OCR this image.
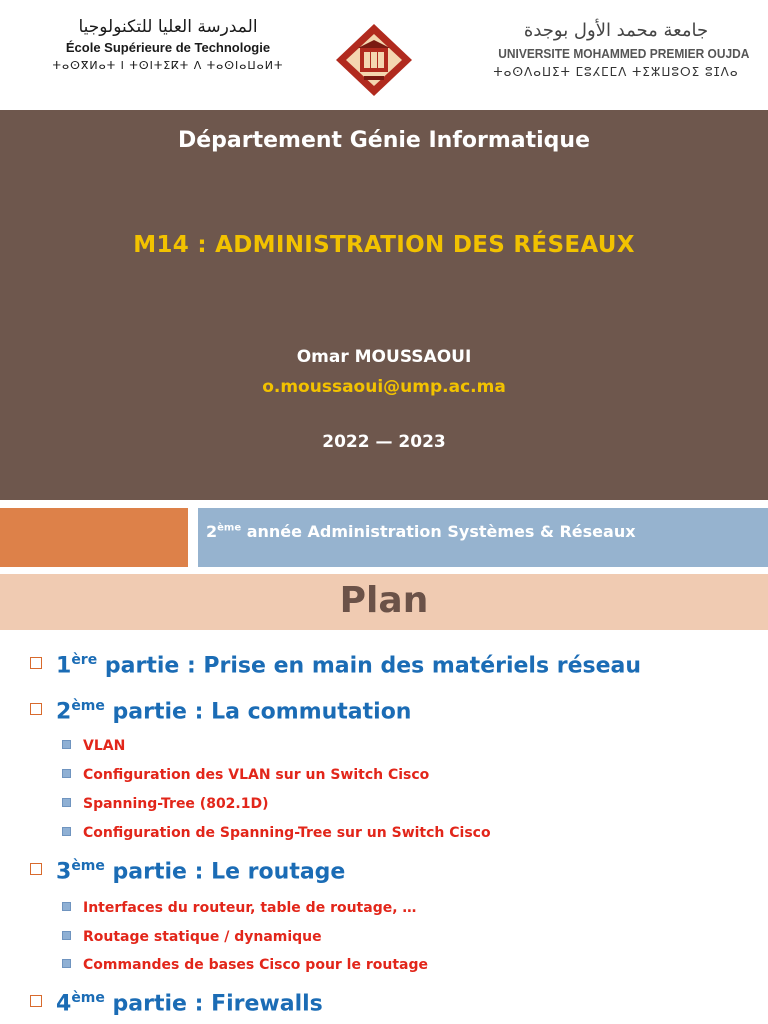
المدرسة العليا للتكنولوجيا
École Supérieure de Technologie
ⵜⴰⵙⴳⵍⴰⵜ ⵏ ⵜⵙⵏⵜⵉⴽⵜ ⴷ ⵜⴰⵙⵏⴰⵡⴰⵍⵜ
جامعة محمد الأول بوجدة
UNIVERSITE MOHAMMED PREMIER OUJDA
ⵜⴰⵙⴷⴰⵡⵉⵜ ⵎⵓⵃⵎⵎⴷ ⵜⵉⵣⵡⵓⵔⵉ ⵓⵊⴷⴰ
Département Génie Informatique
M14 : ADMINISTRATION DES RÉSEAUX
Omar MOUSSAOUI
o.moussaoui@ump.ac.ma
2022 — 2023
2ème année Administration Systèmes & Réseaux
Plan
1ère partie : Prise en main des matériels réseau
2ème partie : La commutation
VLAN
Configuration des VLAN sur un Switch Cisco
Spanning-Tree (802.1D)
Configuration de Spanning-Tree sur un Switch Cisco
3ème partie : Le routage
Interfaces du routeur, table de routage, …
Routage statique / dynamique
Commandes de bases Cisco pour le routage
4ème partie : Firewalls
